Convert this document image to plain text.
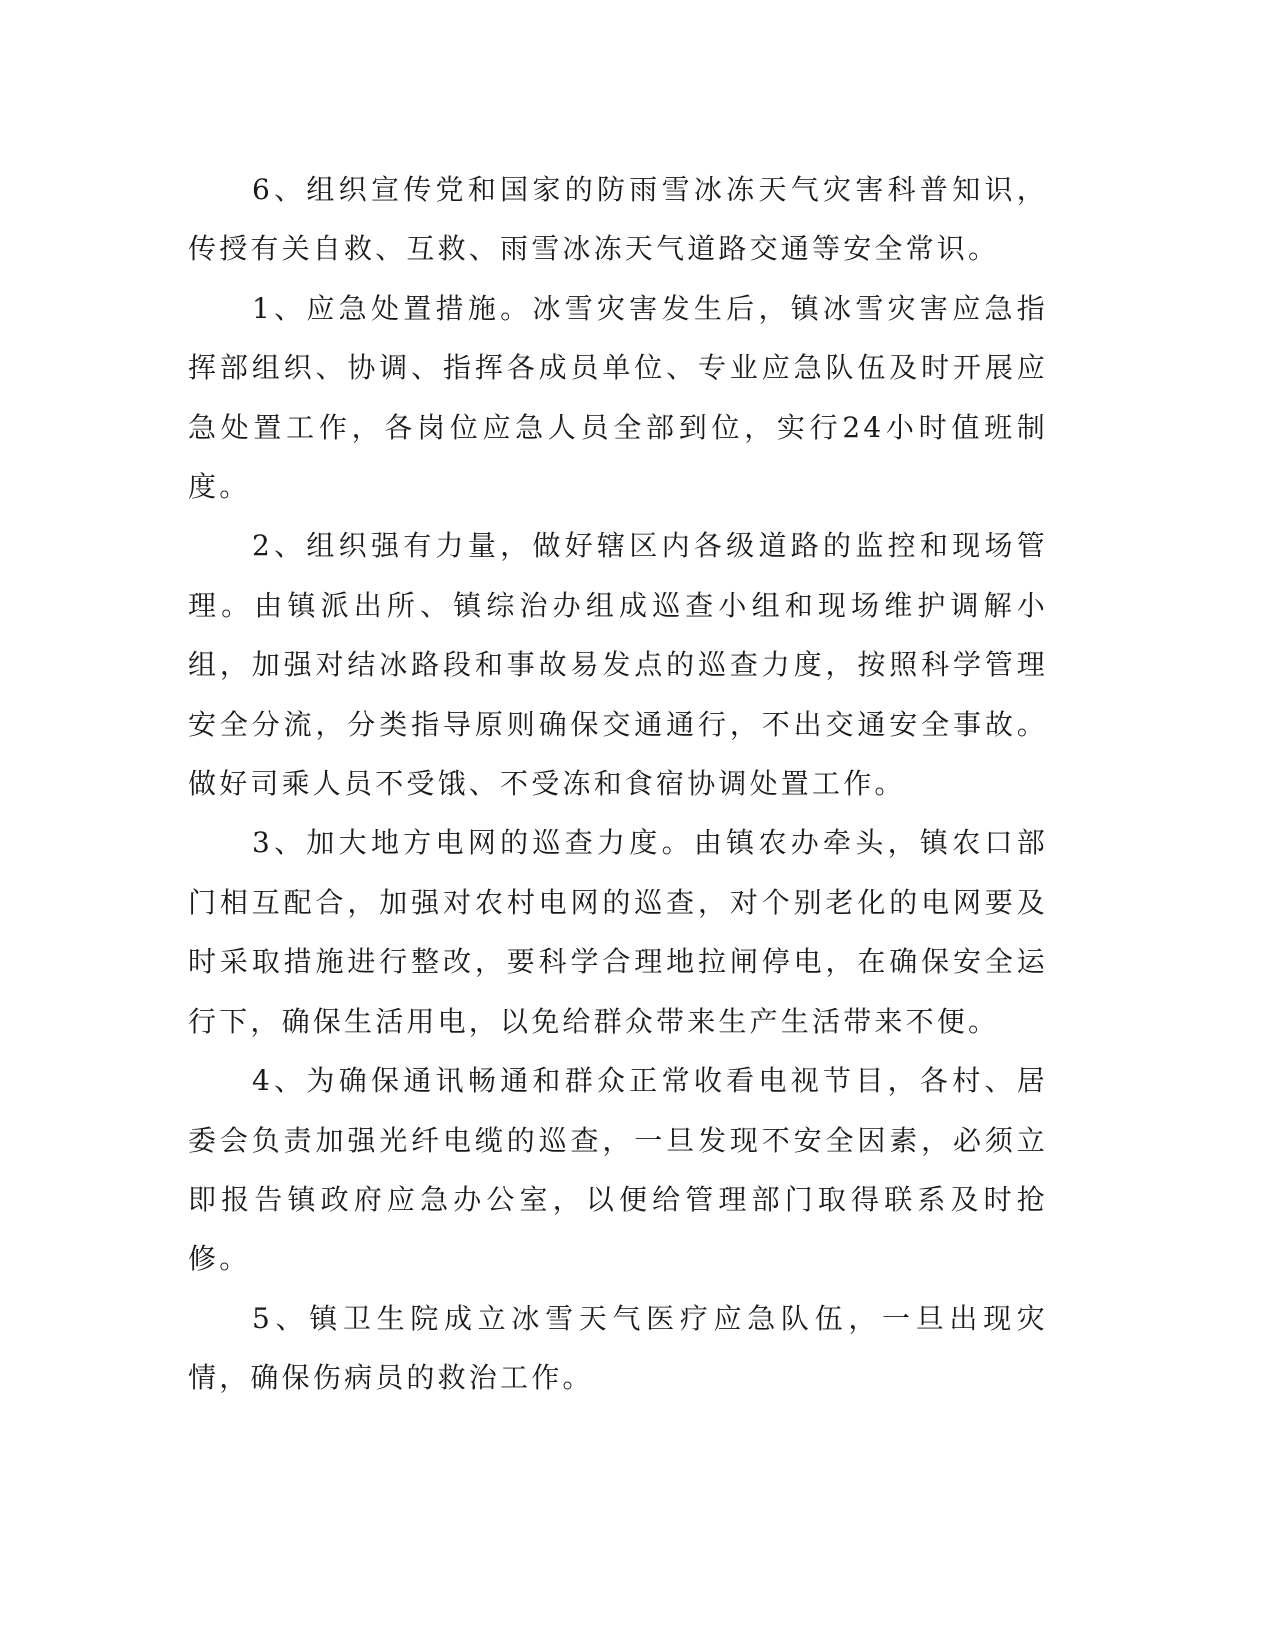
6、组织宣传党和国家的防雨雪冰冻天气灾害科普知识，传授有关自救、互救、雨雪冰冻天气道路交通等安全常识。

1、应急处置措施。冰雪灾害发生后，镇冰雪灾害应急指挥部组织、协调、指挥各成员单位、专业应急队伍及时开展应急处置工作，各岗位应急人员全部到位，实行24小时值班制度。

2、组织强有力量，做好辖区内各级道路的监控和现场管理。由镇派出所、镇综治办组成巡查小组和现场维护调解小组，加强对结冰路段和事故易发点的巡查力度，按照科学管理安全分流，分类指导原则确保交通通行，不出交通安全事故。做好司乘人员不受饿、不受冻和食宿协调处置工作。

3、加大地方电网的巡查力度。由镇农办牵头，镇农口部门相互配合，加强对农村电网的巡查，对个别老化的电网要及时采取措施进行整改，要科学合理地拉闸停电，在确保安全运行下，确保生活用电，以免给群众带来生产生活带来不便。

4、为确保通讯畅通和群众正常收看电视节目，各村、居委会负责加强光纤电缆的巡查，一旦发现不安全因素，必须立即报告镇政府应急办公室，以便给管理部门取得联系及时抢修。

5、镇卫生院成立冰雪天气医疗应急队伍，一旦出现灾情，确保伤病员的救治工作。
